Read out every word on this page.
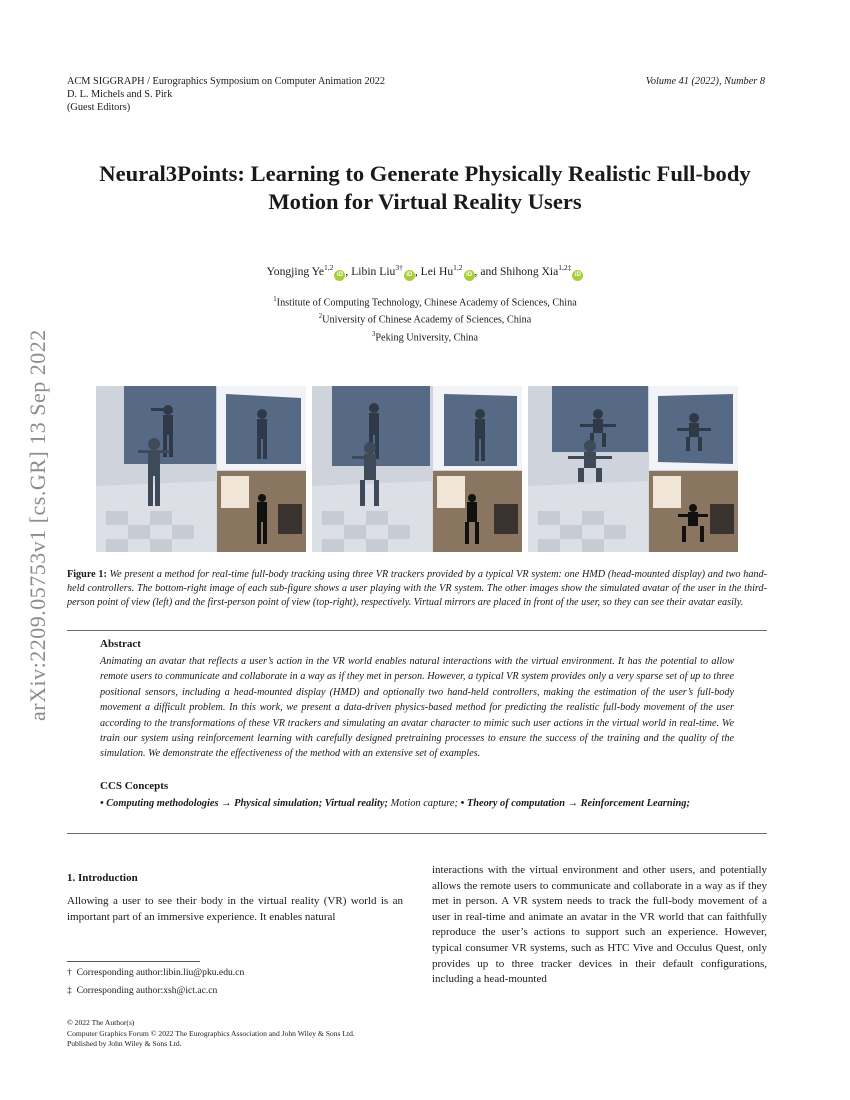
ACM SIGGRAPH / Eurographics Symposium on Computer Animation 2022
D. L. Michels and S. Pirk
(Guest Editors)
Volume 41 (2022), Number 8
Neural3Points: Learning to Generate Physically Realistic Full-body
Motion for Virtual Reality Users
Yongjing Ye$^{1,2}$iD , Libin Liu$^{3\dagger}$iD , Lei Hu$^{1,2}$iD , and Shihong Xia$^{1,2\ddagger}$iD
$^1$Institute of Computing Technology, Chinese Academy of Sciences, China
$^2$University of Chinese Academy of Sciences, China
$^3$Peking University, China
arXiv:2209.05753v1 [cs.GR] 13 Sep 2022 Figure 1: We present a method for real-time full-body tracking using three VR trackers provided by a typical VR system: one HMD (head-mounted display) and two hand-held controllers. The bottom-right image of each sub-figure shows a user playing with the VR system. The other images show the simulated avatar of the user in the third-person point of view (left) and the first-person point of view (top-right), respectively. Virtual mirrors are placed in front of the user, so they can see their avatar easily.
Abstract
Animating an avatar that reflects a user’s action in the VR world enables natural interactions with the virtual environment. It has the potential to allow remote users to communicate and collaborate in a way as if they met in person. However, a typical VR system provides only a very sparse set of up to three positional sensors, including a head-mounted display (HMD) and optionally two hand-held controllers, making the estimation of the user’s full-body movement a difficult problem. In this work, we present a data-driven physics-based method for predicting the realistic full-body movement of the user according to the transformations of these VR trackers and simulating an avatar character to mimic such user actions in the virtual world in real-time. We train our system using reinforcement learning with carefully designed pretraining processes to ensure the success of the training and the quality of the simulation. We demonstrate the effectiveness of the method with an extensive set of examples.
CCS Concepts
• Computing methodologies → Physical simulation; Virtual reality; Motion capture; • Theory of computation → Reinforcement Learning;
1. Introduction
Allowing a user to see their body in the virtual reality (VR) world is an important part of an immersive experience. It enables natural
interactions with the virtual environment and other users, and potentially allows the remote users to communicate and collaborate in a way as if they met in person. A VR system needs to track the full-body movement of a user in real-time and animate an avatar in the VR world that can faithfully reproduce the user’s actions to support such an experience. However, typical consumer VR systems, such as HTC Vive and Occulus Quest, only provides up to three tracker devices in their default configurations, including a head-mounted
† Corresponding author:libin.liu@pku.edu.cn
‡ Corresponding author:xsh@ict.ac.cn
© 2022 The Author(s)
Computer Graphics Forum © 2022 The Eurographics Association and John Wiley & Sons Ltd. Published by John Wiley & Sons Ltd.
